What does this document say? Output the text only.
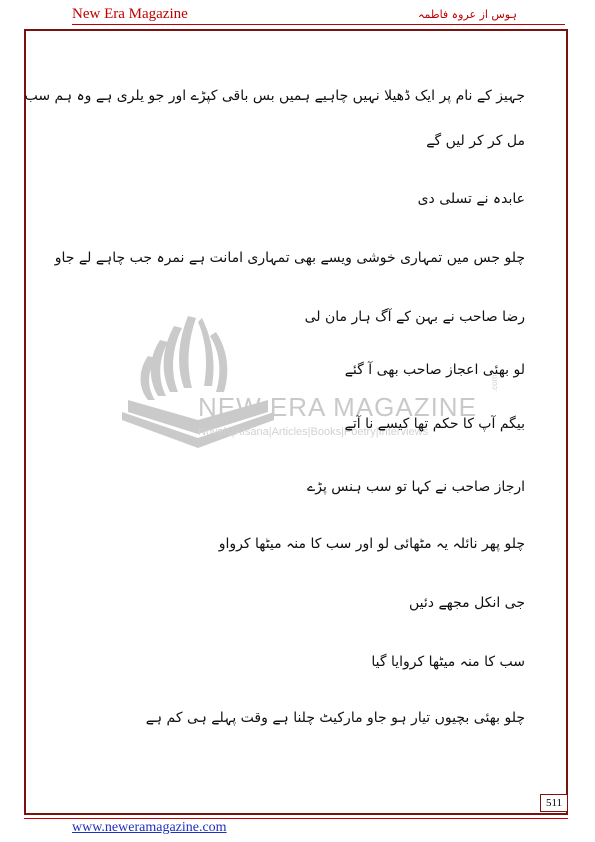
New Era Magazine	ہوس از عروہ فاطمہ
NEW ERA MAGAZINE
.com
Novels|Afsana|Articles|Books|Poetry|Interviews
جہیز کے نام پر ایک ڈھیلا نہیں چاہیے ہمیں بس باقی کپڑے اور جو یلری ہے وہ ہم سب
مل کر کر لیں گے
عابدہ نے تسلی دی
چلو جس میں تمہاری خوشی ویسے بھی تمہاری امانت ہے نمرہ جب چاہے لے جاو
رضا صاحب نے بہن کے آگ ہار مان لی
لو بھئی اعجاز صاحب بھی آ گئے
بیگم آپ کا حکم تھا کیسے نا آتے
ارجاز صاحب نے کہا تو سب ہنس پڑے
چلو پھر نائلہ یہ مٹھائی لو اور سب کا منہ میٹھا کرواو
جی انکل مجھے دئیں
سب کا منہ میٹھا کروایا گیا
چلو بھئی بچیوں تیار ہو جاو مارکیٹ چلنا ہے وقت پہلے ہی کم ہے
511
www.neweramagazine.com
